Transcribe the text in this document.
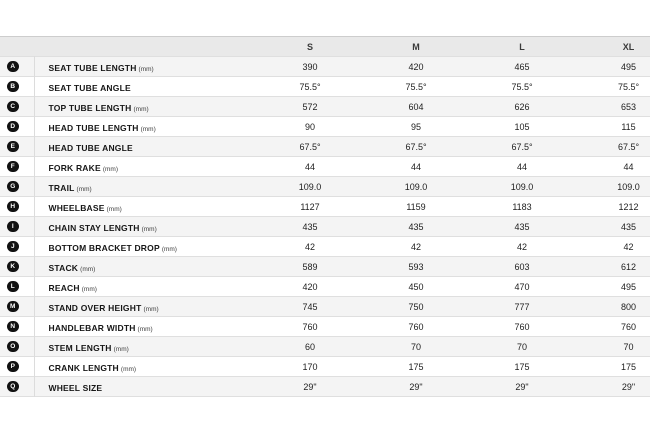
		S	M	L	XL
A	SEAT TUBE LENGTH (mm)	390	420	465	495
B	SEAT TUBE ANGLE	75.5°	75.5°	75.5°	75.5°
C	TOP TUBE LENGTH (mm)	572	604	626	653
D	HEAD TUBE LENGTH (mm)	90	95	105	115
E	HEAD TUBE ANGLE	67.5°	67.5°	67.5°	67.5°
F	FORK RAKE (mm)	44	44	44	44
G	TRAIL (mm)	109.0	109.0	109.0	109.0
H	WHEELBASE (mm)	1127	1159	1183	1212
I	CHAIN STAY LENGTH (mm)	435	435	435	435
J	BOTTOM BRACKET DROP (mm)	42	42	42	42
K	STACK (mm)	589	593	603	612
L	REACH (mm)	420	450	470	495
M	STAND OVER HEIGHT (mm)	745	750	777	800
N	HANDLEBAR WIDTH (mm)	760	760	760	760
O	STEM LENGTH (mm)	60	70	70	70
P	CRANK LENGTH (mm)	170	175	175	175
Q	WHEEL SIZE	29"	29"	29"	29"
